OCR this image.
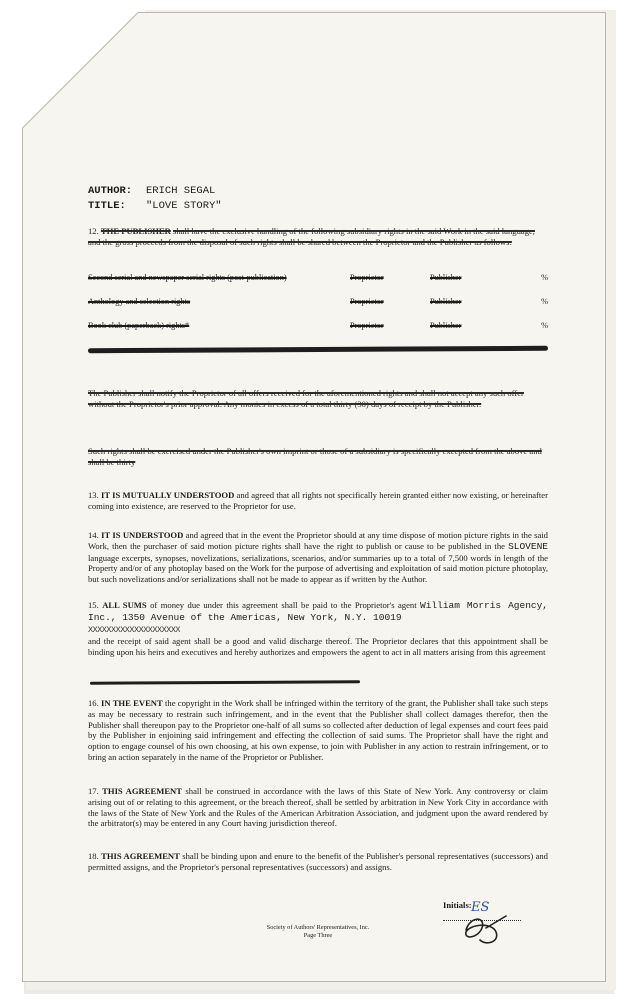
AUTHOR:	ERICH SEGAL
TITLE:	"LOVE STORY"
12. THE PUBLISHER shall have the exclusive handling of the following subsidiary rights in the said Work in the said language, and the gross proceeds from the disposal of such rights shall be shared between the Proprietor and the Publisher as follows:
Second serial and newspaper serial rights (post-publication)	Proprietor	Publisher	%
Anthology and selection rights	Proprietor	Publisher	%
Book club (paperback) rights*	Proprietor	Publisher	%
The Publisher shall notify the Proprietor of all offers received for the aforementioned rights and shall not accept any such offer without the Proprietor's prior approval. Any monies in excess of a total thirty (30) days of receipt by the Publisher.
Such rights shall be exercised under the Publisher's own imprint or those of a subsidiary is specifically excepted from the above and shall be thirty
13. IT IS MUTUALLY UNDERSTOOD and agreed that all rights not specifically herein granted either now existing, or hereinafter coming into existence, are reserved to the Proprietor for use.
14. IT IS UNDERSTOOD and agreed that in the event the Proprietor should at any time dispose of motion picture rights in the said Work, then the purchaser of said motion picture rights shall have the right to publish or cause to be published in the SLOVENE language excerpts, synopses, novelizations, serializations, scenarios, and/or summaries up to a total of 7,500 words in length of the Property and/or of any photoplay based on the Work for the purpose of advertising and exploitation of said motion picture photoplay, but such novelizations and/or serializations shall not be made to appear as if written by the Author.
15. ALL SUMS of money due under this agreement shall be paid to the Proprietor's agent William Morris Agency, Inc., 1350 Avenue of the Americas, New York, N.Y. 10019
XXXXXXXXXXXXXXXXXXXX
and the receipt of said agent shall be a good and valid discharge thereof. The Proprietor declares that this appointment shall be binding upon his heirs and executives and hereby authorizes and empowers the agent to act in all matters arising from this agreement
16. IN THE EVENT the copyright in the Work shall be infringed within the territory of the grant, the Publisher shall take such steps as may be necessary to restrain such infringement, and in the event that the Publisher shall collect damages therefor, then the Publisher shall thereupon pay to the Proprietor one-half of all sums so collected after deduction of legal expenses and court fees paid by the Publisher in enjoining said infringement and effecting the collection of said sums. The Proprietor shall have the right and option to engage counsel of his own choosing, at his own expense, to join with Publisher in any action to restrain infringement, or to bring an action separately in the name of the Proprietor or Publisher.
17. THIS AGREEMENT shall be construed in accordance with the laws of this State of New York. Any controversy or claim arising out of or relating to this agreement, or the breach thereof, shall be settled by arbitration in New York City in accordance with the laws of the State of New York and the Rules of the American Arbitration Association, and judgment upon the award rendered by the arbitrator(s) may be entered in any Court having jurisdiction thereof.
18. THIS AGREEMENT shall be binding upon and enure to the benefit of the Publisher's personal representatives (successors) and permitted assigns, and the Proprietor's personal representatives (successors) and assigns.
Initials: ES
Society of Authors' Representatives, Inc.
Page Three
